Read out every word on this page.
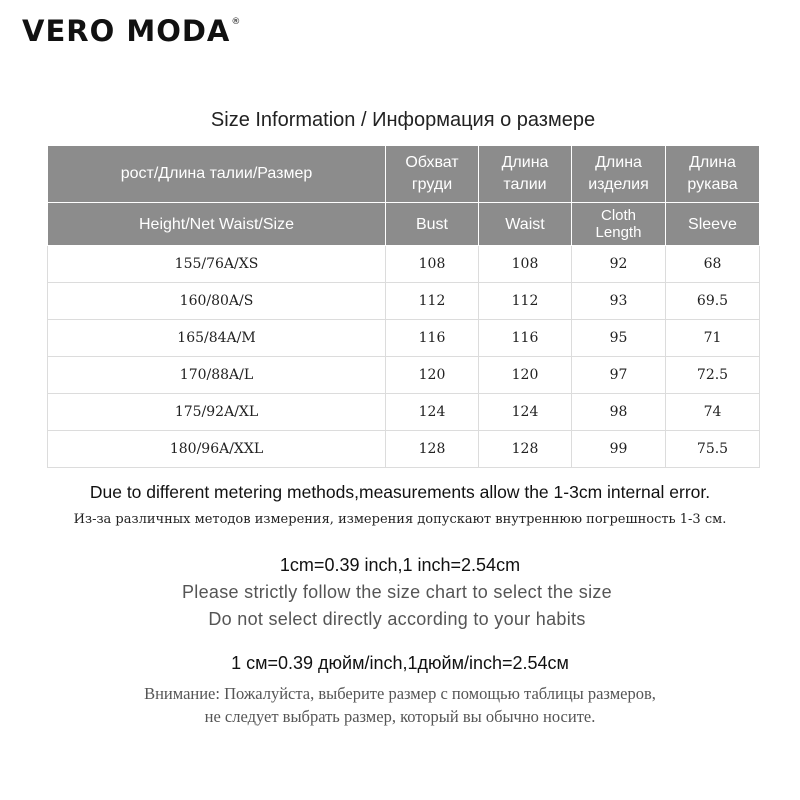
VERO MODA®
Size Information / Информация о размере
рост/Длина талии/Размер	Обхват груди	Длина талии	Длина изделия	Длина рукава
Height/Net Waist/Size	Bust	Waist	Cloth Length	Sleeve
155/76A/XS	108	108	92	68
160/80A/S	112	112	93	69.5
165/84A/M	116	116	95	71
170/88A/L	120	120	97	72.5
175/92A/XL	124	124	98	74
180/96A/XXL	128	128	99	75.5
Due to different metering methods,measurements allow the 1-3cm internal error.
Из-за различных методов измерения, измерения допускают внутреннюю погрешность 1-3 см.
1cm=0.39 inch,1 inch=2.54cm
Please strictly follow the size chart to select the size
Do not select directly according to your habits
1 см=0.39 дюйм/inch,1дюйм/inch=2.54см
Внимание: Пожалуйста, выберите размер с помощью таблицы размеров,
не следует выбрать размер, который вы обычно носите.
